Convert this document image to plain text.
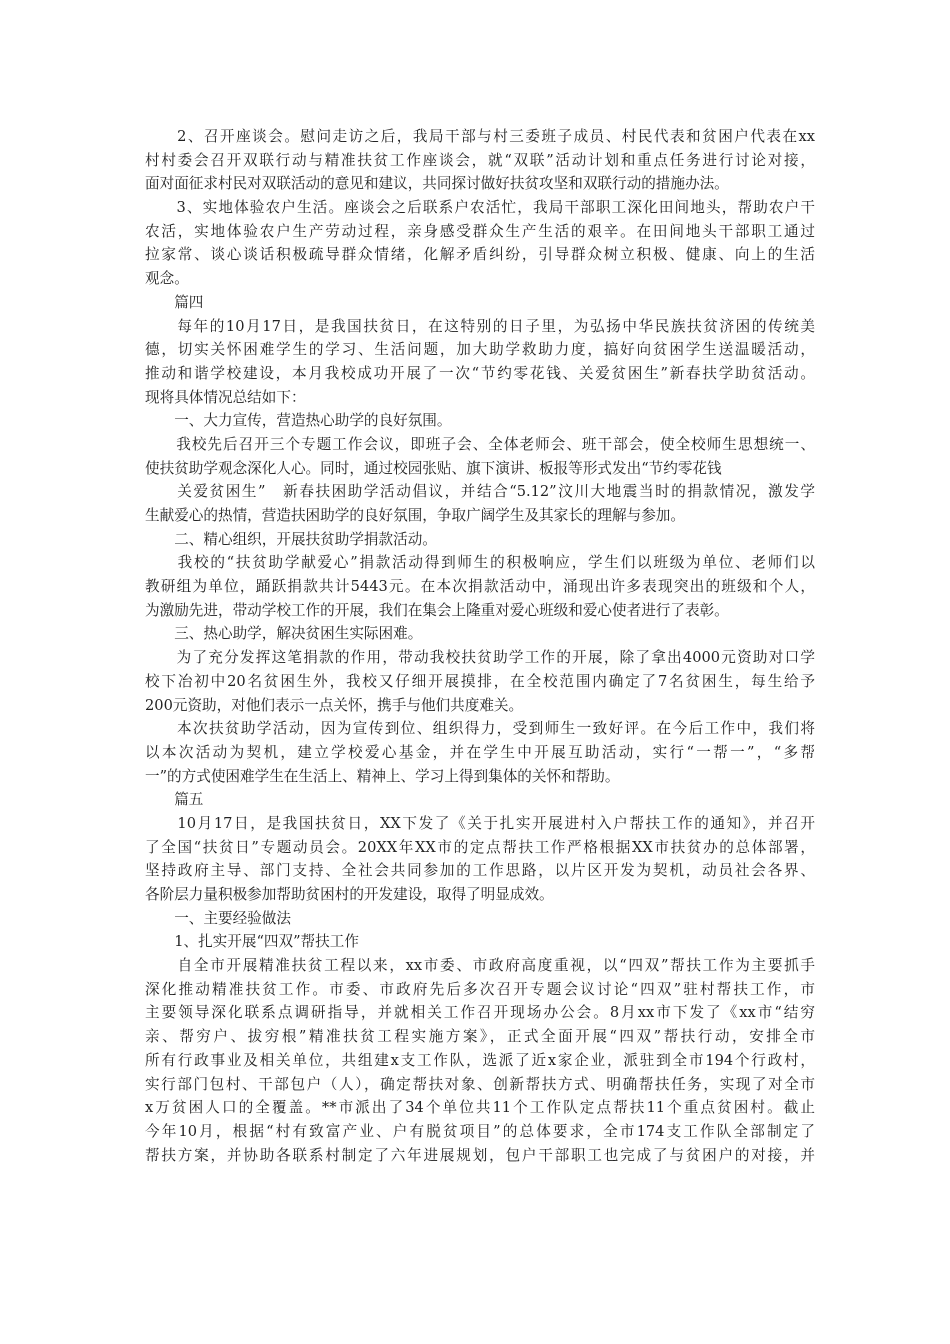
　　2、召开座谈会。慰问走访之后，我局干部与村三委班子成员、村民代表和贫困户代表在xx
村村委会召开双联行动与精准扶贫工作座谈会，就“双联”活动计划和重点任务进行讨论对接，
面对面征求村民对双联活动的意见和建议，共同探讨做好扶贫攻坚和双联行动的措施办法。
　　3、实地体验农户生活。座谈会之后联系户农活忙，我局干部职工深化田间地头，帮助农户干
农活，实地体验农户生产劳动过程，亲身感受群众生产生活的艰辛。在田间地头干部职工通过
拉家常、谈心谈话积极疏导群众情绪，化解矛盾纠纷，引导群众树立积极、健康、向上的生活
观念。
　　篇四
　　每年的10月17日，是我国扶贫日，在这特别的日子里，为弘扬中华民族扶贫济困的传统美
德，切实关怀困难学生的学习、生活问题，加大助学救助力度，搞好向贫困学生送温暖活动，
推动和谐学校建设，本月我校成功开展了一次“节约零花钱、关爱贫困生”新春扶学助贫活动。
现将具体情况总结如下：
　　一、大力宣传，营造热心助学的良好氛围。
　　我校先后召开三个专题工作会议，即班子会、全体老师会、班干部会，使全校师生思想统一、
使扶贫助学观念深化人心。同时，通过校园张贴、旗下演讲、板报等形式发出“节约零花钱
　　关爱贫困生”　新春扶困助学活动倡议，并结合“5.12”汶川大地震当时的捐款情况，激发学
生献爱心的热情，营造扶困助学的良好氛围，争取广阔学生及其家长的理解与参加。
　　二、精心组织，开展扶贫助学捐款活动。
　　我校的“扶贫助学献爱心”捐款活动得到师生的积极响应，学生们以班级为单位、老师们以
教研组为单位，踊跃捐款共计5443元。在本次捐款活动中，涌现出许多表现突出的班级和个人，
为激励先进，带动学校工作的开展，我们在集会上隆重对爱心班级和爱心使者进行了表彰。
　　三、热心助学，解决贫困生实际困难。
　　为了充分发挥这笔捐款的作用，带动我校扶贫助学工作的开展，除了拿出4000元资助对口学
校下冶初中20名贫困生外，我校又仔细开展摸排，在全校范围内确定了7名贫困生，每生给予
200元资助，对他们表示一点关怀，携手与他们共度难关。
　　本次扶贫助学活动，因为宣传到位、组织得力，受到师生一致好评。在今后工作中，我们将
以本次活动为契机，建立学校爱心基金，并在学生中开展互助活动，实行“一帮一”，“多帮
一”的方式使困难学生在生活上、精神上、学习上得到集体的关怀和帮助。
　　篇五
　　10月17日，是我国扶贫日，XX下发了《关于扎实开展进村入户帮扶工作的通知》，并召开
了全国“扶贫日”专题动员会。20XX年XX市的定点帮扶工作严格根据XX市扶贫办的总体部署，
坚持政府主导、部门支持、全社会共同参加的工作思路，以片区开发为契机，动员社会各界、
各阶层力量积极参加帮助贫困村的开发建设，取得了明显成效。
　　一、主要经验做法
　　1、扎实开展“四双”帮扶工作
　　自全市开展精准扶贫工程以来，xx市委、市政府高度重视，以“四双”帮扶工作为主要抓手
深化推动精准扶贫工作。市委、市政府先后多次召开专题会议讨论“四双”驻村帮扶工作，市
主要领导深化联系点调研指导，并就相关工作召开现场办公会。8月xx市下发了《xx市“结穷
亲、帮穷户、拔穷根”精准扶贫工程实施方案》，正式全面开展“四双”帮扶行动，安排全市
所有行政事业及相关单位，共组建x支工作队，选派了近x家企业，派驻到全市194个行政村，
实行部门包村、干部包户（人），确定帮扶对象、创新帮扶方式、明确帮扶任务，实现了对全市
x万贫困人口的全覆盖。**市派出了34个单位共11个工作队定点帮扶11个重点贫困村。截止
今年10月，根据“村有致富产业、户有脱贫项目”的总体要求，全市174支工作队全部制定了
帮扶方案，并协助各联系村制定了六年进展规划，包户干部职工也完成了与贫困户的对接，并
